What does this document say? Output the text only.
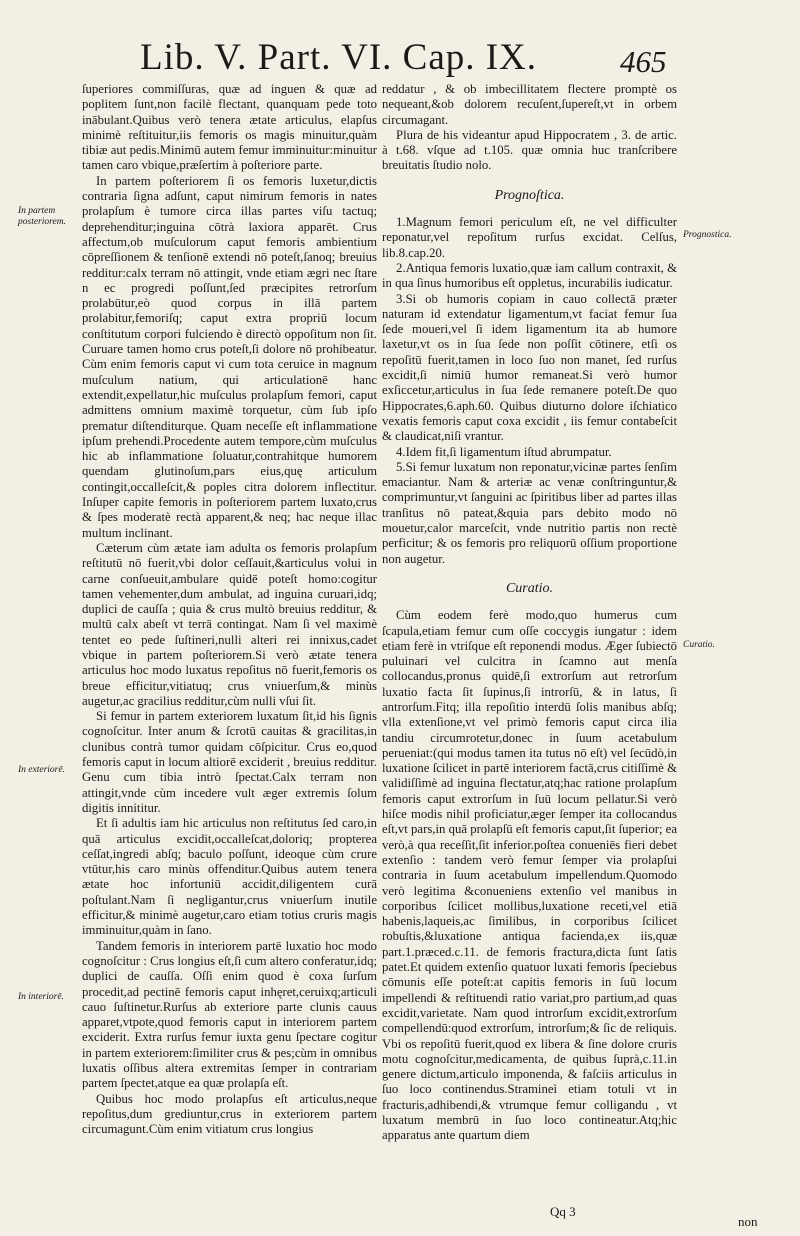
Lib. V. Part. VI. Cap. IX.	465
In partem posteriorem.
In exteriorē.
In interiorē.
Prognostica.
Curatio.

ſuperiores commiſſuras, quæ ad inguen & quæ ad poplitem ſunt,non facilè flectant, quanquam pede toto inābulant.Quibus verò tenera ætate articulus, elapſus minimè reſtituitur,iis femoris os magis minuitur,quàm tibiæ aut pedis.Minimū autem femur imminuitur:minuitur tamen caro vbique,præſertim à poſteriore parte.

In partem poſteriorem ſi os femoris luxetur,dictis contraria ſigna adſunt, caput nimirum femoris in nates prolapſum è tumore circa illas partes viſu tactuq; deprehenditur;inguina cōtrà laxiora apparēt. Crus affectum,ob muſculorum caput femoris ambientium cōpreſſionem & tenſionē extendi nō poteſt,ſanoq; breuius redditur:calx terram nō attingit, vnde etiam ægri nec ſtare n ec progredi poſſunt,ſed præcipites retrorſum prolabūtur,eò quod corpus in illā partem prolabitur,femoriſq; caput extra propriū locum conſtitutum corpori fulciendo è directò oppoſitum non ſit. Curuare tamen homo crus poteſt,ſi dolore nō prohibeatur. Cùm enim femoris caput vi cum tota ceruice in magnum muſculum natium, qui articulationē hanc extendit,expellatur,hic muſculus prolapſum femori, caput admittens omnium maximè torquetur, cùm ſub ipſo prematur diſtenditurque. Quam neceſſe eſt inflammatione ipſum prehendi.Procedente autem tempore,cùm muſculus hic ab inflammatione ſoluatur,contrahitque humorem quendam glutinoſum,pars eius,quę articulum contingit,occalleſcit,& poples citra dolorem inflectitur. Inſuper capite femoris in poſteriorem partem luxato,crus & ſpes moderatè rectà apparent,& neq; hac neque illac multum inclinant.

Cæterum cùm ætate iam adulta os femoris prolapſum reſtitutū nō fuerit,vbi dolor ceſſauit,&articulus volui in carne conſueuit,ambulare quidē poteſt homo:cogitur tamen vehementer,dum ambulat, ad inguina curuari,idq; duplici de cauſſa ; quia & crus multò breuius redditur, & multū calx abeſt vt terrā contingat. Nam ſi vel maximè tentet eo pede ſuſtineri,nulli alteri rei innixus,cadet vbique in partem poſteriorem.Si verò ætate tenera articulus hoc modo luxatus repoſitus nō fuerit,femoris os breue efficitur,vitiatuq; crus vniuerſum,& minùs augetur,ac gracilius redditur,cùm nulli vſui ſit.

Si femur in partem exteriorem luxatum ſit,id his ſignis cognoſcitur. Inter anum & ſcrotū cauitas & gracilitas,in clunibus contrà tumor quidam cōſpicitur. Crus eo,quod femoris caput in locum altiorē exciderit , breuius redditur. Genu cum tibia intrò ſpectat.Calx terram non attingit,vnde cùm incedere vult æger extremis ſolum digitis innititur.

Et ſi adultis iam hic articulus non reſtitutus ſed caro,in quā articulus excidit,occalleſcat,doloriq; propterea ceſſat,ingredi abſq; baculo poſſunt, ideoque cùm crure vtūtur,his caro minùs offenditur.Quibus autem tenera ætate hoc infortuniū accidit,diligentem curā poſtulant.Nam ſi negligantur,crus vniuerſum inutile efficitur,& minimè augetur,caro etiam totius cruris magis imminuitur,quàm in ſano.

Tandem femoris in interiorem partē luxatio hoc modo cognoſcitur : Crus longius eſt,ſi cum altero conferatur,idq; duplici de cauſſa. Oſſi enim quod è coxa ſurſum procedit,ad pectinē femoris caput inhęret,ceruixq;articuli cauo ſuſtinetur.Rurſus ab exteriore parte clunis cauus apparet,vtpote,quod femoris caput in interiorem partem exciderit. Extra rurſus femur iuxta genu ſpectare cogitur in partem exteriorem:ſimiliter crus & pes;cùm in omnibus luxatis oſſibus altera extremitas ſemper in contrariam partem ſpectet,atque ea quæ prolapſa eſt.

Quibus hoc modo prolapſus eſt articulus,neque repoſitus,dum grediuntur,crus in exteriorem partem circumagunt.Cùm enim vitiatum crus longius

reddatur , & ob imbecillitatem flectere promptè os nequeant,&ob dolorem recuſent,ſupereſt,vt in orbem circumagant.

Plura de his videantur apud Hippocratem , 3. de artic. à t.68. vſque ad t.105. quæ omnia huc tranſcribere breuitatis ſtudio nolo.

Prognoſtica.

1.Magnum femori periculum eſt, ne vel difficulter reponatur,vel repoſitum rurſus excidat. Celſus, lib.8.cap.20.

2.Antiqua femoris luxatio,quæ iam callum contraxit, & in qua ſinus humoribus eſt oppletus, incurabilis iudicatur.

3.Si ob humoris copiam in cauo collectā præter naturam id extendatur ligamentum,vt faciat femur ſua ſede moueri,vel ſi idem ligamentum ita ab humore laxetur,vt os in ſua ſede non poſſit cōtinere, etſi os repoſitū fuerit,tamen in loco ſuo non manet, ſed rurſus excidit,ſi nimiū humor remaneat.Si verò humor exſiccetur,articulus in ſua ſede remanere poteſt.De quo Hippocrates,6.aph.60. Quibus diuturno dolore iſchiatico vexatis femoris caput coxa excidit , iis femur contabeſcit & claudicat,niſi vrantur.

4.Idem fit,ſi ligamentum iſtud abrumpatur.

5.Si femur luxatum non reponatur,vicinæ partes ſenſim emaciantur. Nam & arteriæ ac venæ conſtringuntur,& comprimuntur,vt ſanguini ac ſpiritibus liber ad partes illas tranſitus nō pateat,&quia pars debito modo nō mouetur,calor marceſcit, vnde nutritio partis non rectè perficitur; & os femoris pro reliquorū oſſium proportione non augetur.

Curatio.

Cùm eodem ferè modo,quo humerus cum ſcapula,etiam femur cum oſſe coccygis iungatur : idem etiam ferè in vtriſque eſt reponendi modus. Æger ſubiectō puluinari vel culcitra in ſcamno aut menſa collocandus,pronus quidē,ſi extrorſum aut retrorſum luxatio facta ſit ſupinus,ſi introrſū, & in latus, ſi antrorſum.Fitq; illa repoſitio interdū ſolis manibus abſq; vlla extenſione,vt vel primò femoris caput circa ilia tandiu circumrotetur,donec in ſuum acetabulum perueniat:(qui modus tamen ita tutus nō eſt) vel ſecūdò,in luxatione ſcilicet in partē interiorem factā,crus citiſſimè & validiſſimè ad inguina flectatur,atq;hac ratione prolapſum femoris caput extrorſum in ſuū locum pellatur.Si verò hiſce modis nihil proficiatur,æger ſemper ita collocandus eſt,vt pars,in quā prolapſū eſt femoris caput,ſit ſuperior; ea verò,à qua receſſit,ſit inferior.poſtea conueniēs fieri debet extenſio : tandem verò femur ſemper via prolapſui contraria in ſuum acetabulum impellendum.Quomodo verò legitima &conueniens extenſio vel manibus in corporibus ſcilicet mollibus,luxatione receti,vel etiā habenis,laqueis,ac ſimilibus, in corporibus ſcilicet robuſtis,&luxatione antiqua facienda,ex iis,quæ part.1.præced.c.11. de femoris fractura,dicta ſunt ſatis patet.Et quidem extenſio quatuor luxati femoris ſpeciebus cōmunis eſſe poteſt:at capitis femoris in ſuū locum impellendi & reſtituendi ratio variat,pro partium,ad quas excidit,varietate. Nam quod introrſum excidit,extrorſum compellendū:quod extrorſum, introrſum;& ſic de reliquis. Vbi os repoſitū fuerit,quod ex libera & ſine dolore cruris motu cognoſcitur,medicamenta, de quibus ſuprà,c.11.in genere dictum,articulo imponenda, & faſciis articulus in ſuo loco continendus.Stramineì etiam totuli vt in fracturis,adhibendi,& vtrumque femur colligandu , vt luxatum membrū in ſuo loco contineatur.Atq;hic apparatus ante quartum diem

Qq 3
non
